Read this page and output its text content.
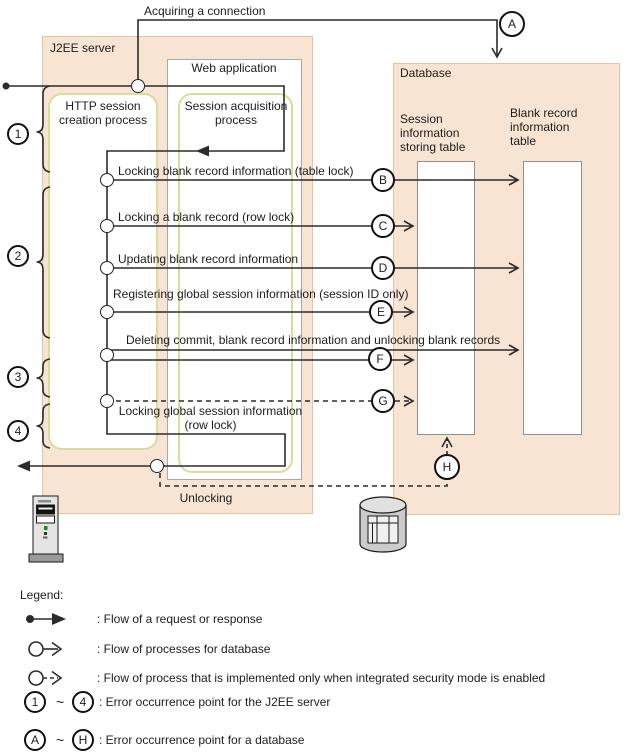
A
B
C
D
E
F
G
H
1
2
3
4
Acquiring a connection
J2EE server
Web application
HTTP session creation process
Session acquisition process
Database
Session information storing table
Blank record information table
Locking blank record information (table lock)
Locking a blank record (row lock)
Updating blank record information
Registering global session information (session ID only)
Deleting commit, blank record information and unlocking blank records
Locking global session information (row lock)
Unlocking
Legend:
: Flow of a request or response
: Flow of processes for database
: Flow of process that is implemented only when integrated security mode is enabled
1 ~ 4 : Error occurrence point for the J2EE server
A ~ H : Error occurrence point for a database
